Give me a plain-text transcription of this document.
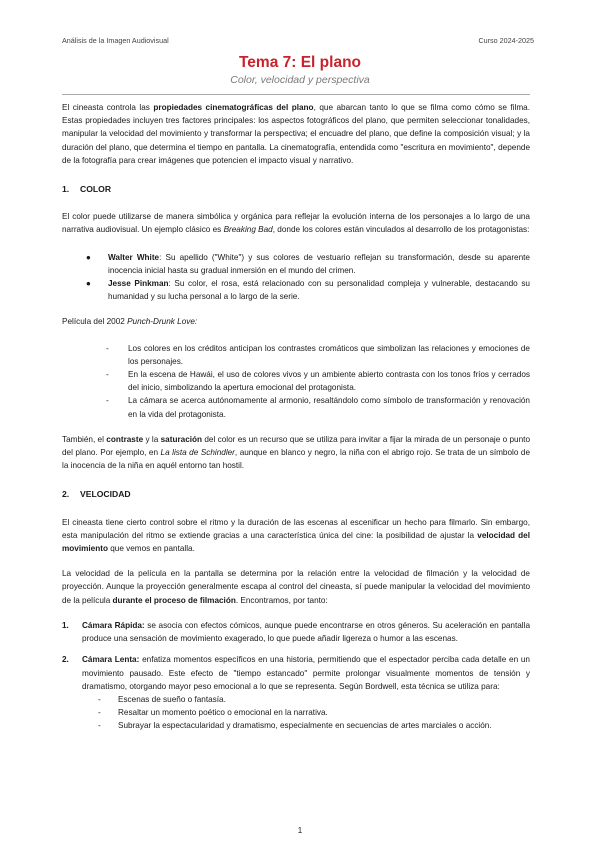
Análisis de la Imagen Audiovisual	Curso 2024-2025
Tema 7: El plano
Color, velocidad y perspectiva

El cineasta controla las propiedades cinematográficas del plano, que abarcan tanto lo que se filma como cómo se filma. Estas propiedades incluyen tres factores principales: los aspectos fotográficos del plano, que permiten seleccionar tonalidades, manipular la velocidad del movimiento y transformar la perspectiva; el encuadre del plano, que define la composición visual; y la duración del plano, que determina el tiempo en pantalla. La cinematografía, entendida como "escritura en movimiento", depende de la fotografía para crear imágenes que potencien el impacto visual y narrativo.

1. COLOR

El color puede utilizarse de manera simbólica y orgánica para reflejar la evolución interna de los personajes a lo largo de una narrativa audiovisual. Un ejemplo clásico es Breaking Bad, donde los colores están vinculados al desarrollo de los protagonistas:

● Walter White: Su apellido ("White") y sus colores de vestuario reflejan su transformación, desde su aparente inocencia inicial hasta su gradual inmersión en el mundo del crimen.
● Jesse Pinkman: Su color, el rosa, está relacionado con su personalidad compleja y vulnerable, destacando su humanidad y su lucha personal a lo largo de la serie.

Película del 2002 Punch-Drunk Love:

- Los colores en los créditos anticipan los contrastes cromáticos que simbolizan las relaciones y emociones de los personajes.
- En la escena de Hawái, el uso de colores vivos y un ambiente abierto contrasta con los tonos fríos y cerrados del inicio, simbolizando la apertura emocional del protagonista.
- La cámara se acerca autónomamente al armonio, resaltándolo como símbolo de transformación y renovación en la vida del protagonista.

También, el contraste y la saturación del color es un recurso que se utiliza para invitar a fijar la mirada de un personaje o punto del plano. Por ejemplo, en La lista de Schindler, aunque en blanco y negro, la niña con el abrigo rojo. Se trata de un símbolo de la inocencia de la niña en aquél entorno tan hostil.

2. VELOCIDAD

El cineasta tiene cierto control sobre el ritmo y la duración de las escenas al escenificar un hecho para filmarlo. Sin embargo, esta manipulación del ritmo se extiende gracias a una característica única del cine: la posibilidad de ajustar la velocidad del movimiento que vemos en pantalla.

La velocidad de la película en la pantalla se determina por la relación entre la velocidad de filmación y la velocidad de proyección. Aunque la proyección generalmente escapa al control del cineasta, sí puede manipular la velocidad del movimiento de la película durante el proceso de filmación. Encontramos, por tanto:

1. Cámara Rápida: se asocia con efectos cómicos, aunque puede encontrarse en otros géneros. Su aceleración en pantalla produce una sensación de movimiento exagerado, lo que puede añadir ligereza o humor a las escenas.
2. Cámara Lenta: enfatiza momentos específicos en una historia, permitiendo que el espectador perciba cada detalle en un movimiento pausado. Este efecto de "tiempo estancado" permite prolongar visualmente momentos de tensión y dramatismo, otorgando mayor peso emocional a lo que se representa. Según Bordwell, esta técnica se utiliza para:
- Escenas de sueño o fantasía.
- Resaltar un momento poético o emocional en la narrativa.
- Subrayar la espectacularidad y dramatismo, especialmente en secuencias de artes marciales o acción.
1
